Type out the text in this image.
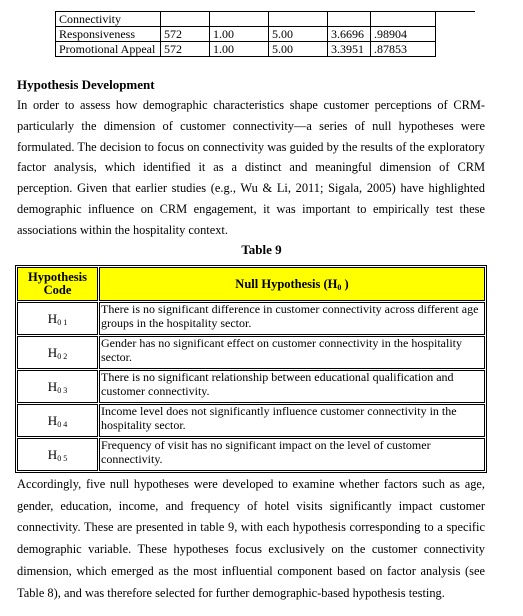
Connectivity					
Responsiveness	572	1.00	5.00	3.6696	.98904
Promotional Appeal	572	1.00	5.00	3.3951	.87853
Hypothesis Development

In order to assess how demographic characteristics shape customer perceptions of CRM-particularly the dimension of customer connectivity—a series of null hypotheses were formulated. The decision to focus on connectivity was guided by the results of the exploratory factor analysis, which identified it as a distinct and meaningful dimension of CRM perception. Given that earlier studies (e.g., Wu & Li, 2011; Sigala, 2005) have highlighted demographic influence on CRM engagement, it was important to empirically test these associations within the hospitality context.

Table 9
Hypothesis Code	Null Hypothesis ($H_0$ )
$H_{0 1}$	There is no significant difference in customer connectivity across different age groups in the hospitality sector.
$H_{0 2}$	Gender has no significant effect on customer connectivity in the hospitality sector.
$H_{0 3}$	There is no significant relationship between educational qualification and customer connectivity.
$H_{0 4}$	Income level does not significantly influence customer connectivity in the hospitality sector.
$H_{0 5}$	Frequency of visit has no significant impact on the level of customer connectivity.

Accordingly, five null hypotheses were developed to examine whether factors such as age, gender, education, income, and frequency of hotel visits significantly impact customer connectivity. These are presented in table 9, with each hypothesis corresponding to a specific demographic variable. These hypotheses focus exclusively on the customer connectivity dimension, which emerged as the most influential component based on factor analysis (see Table 8), and was therefore selected for further demographic-based hypothesis testing.
